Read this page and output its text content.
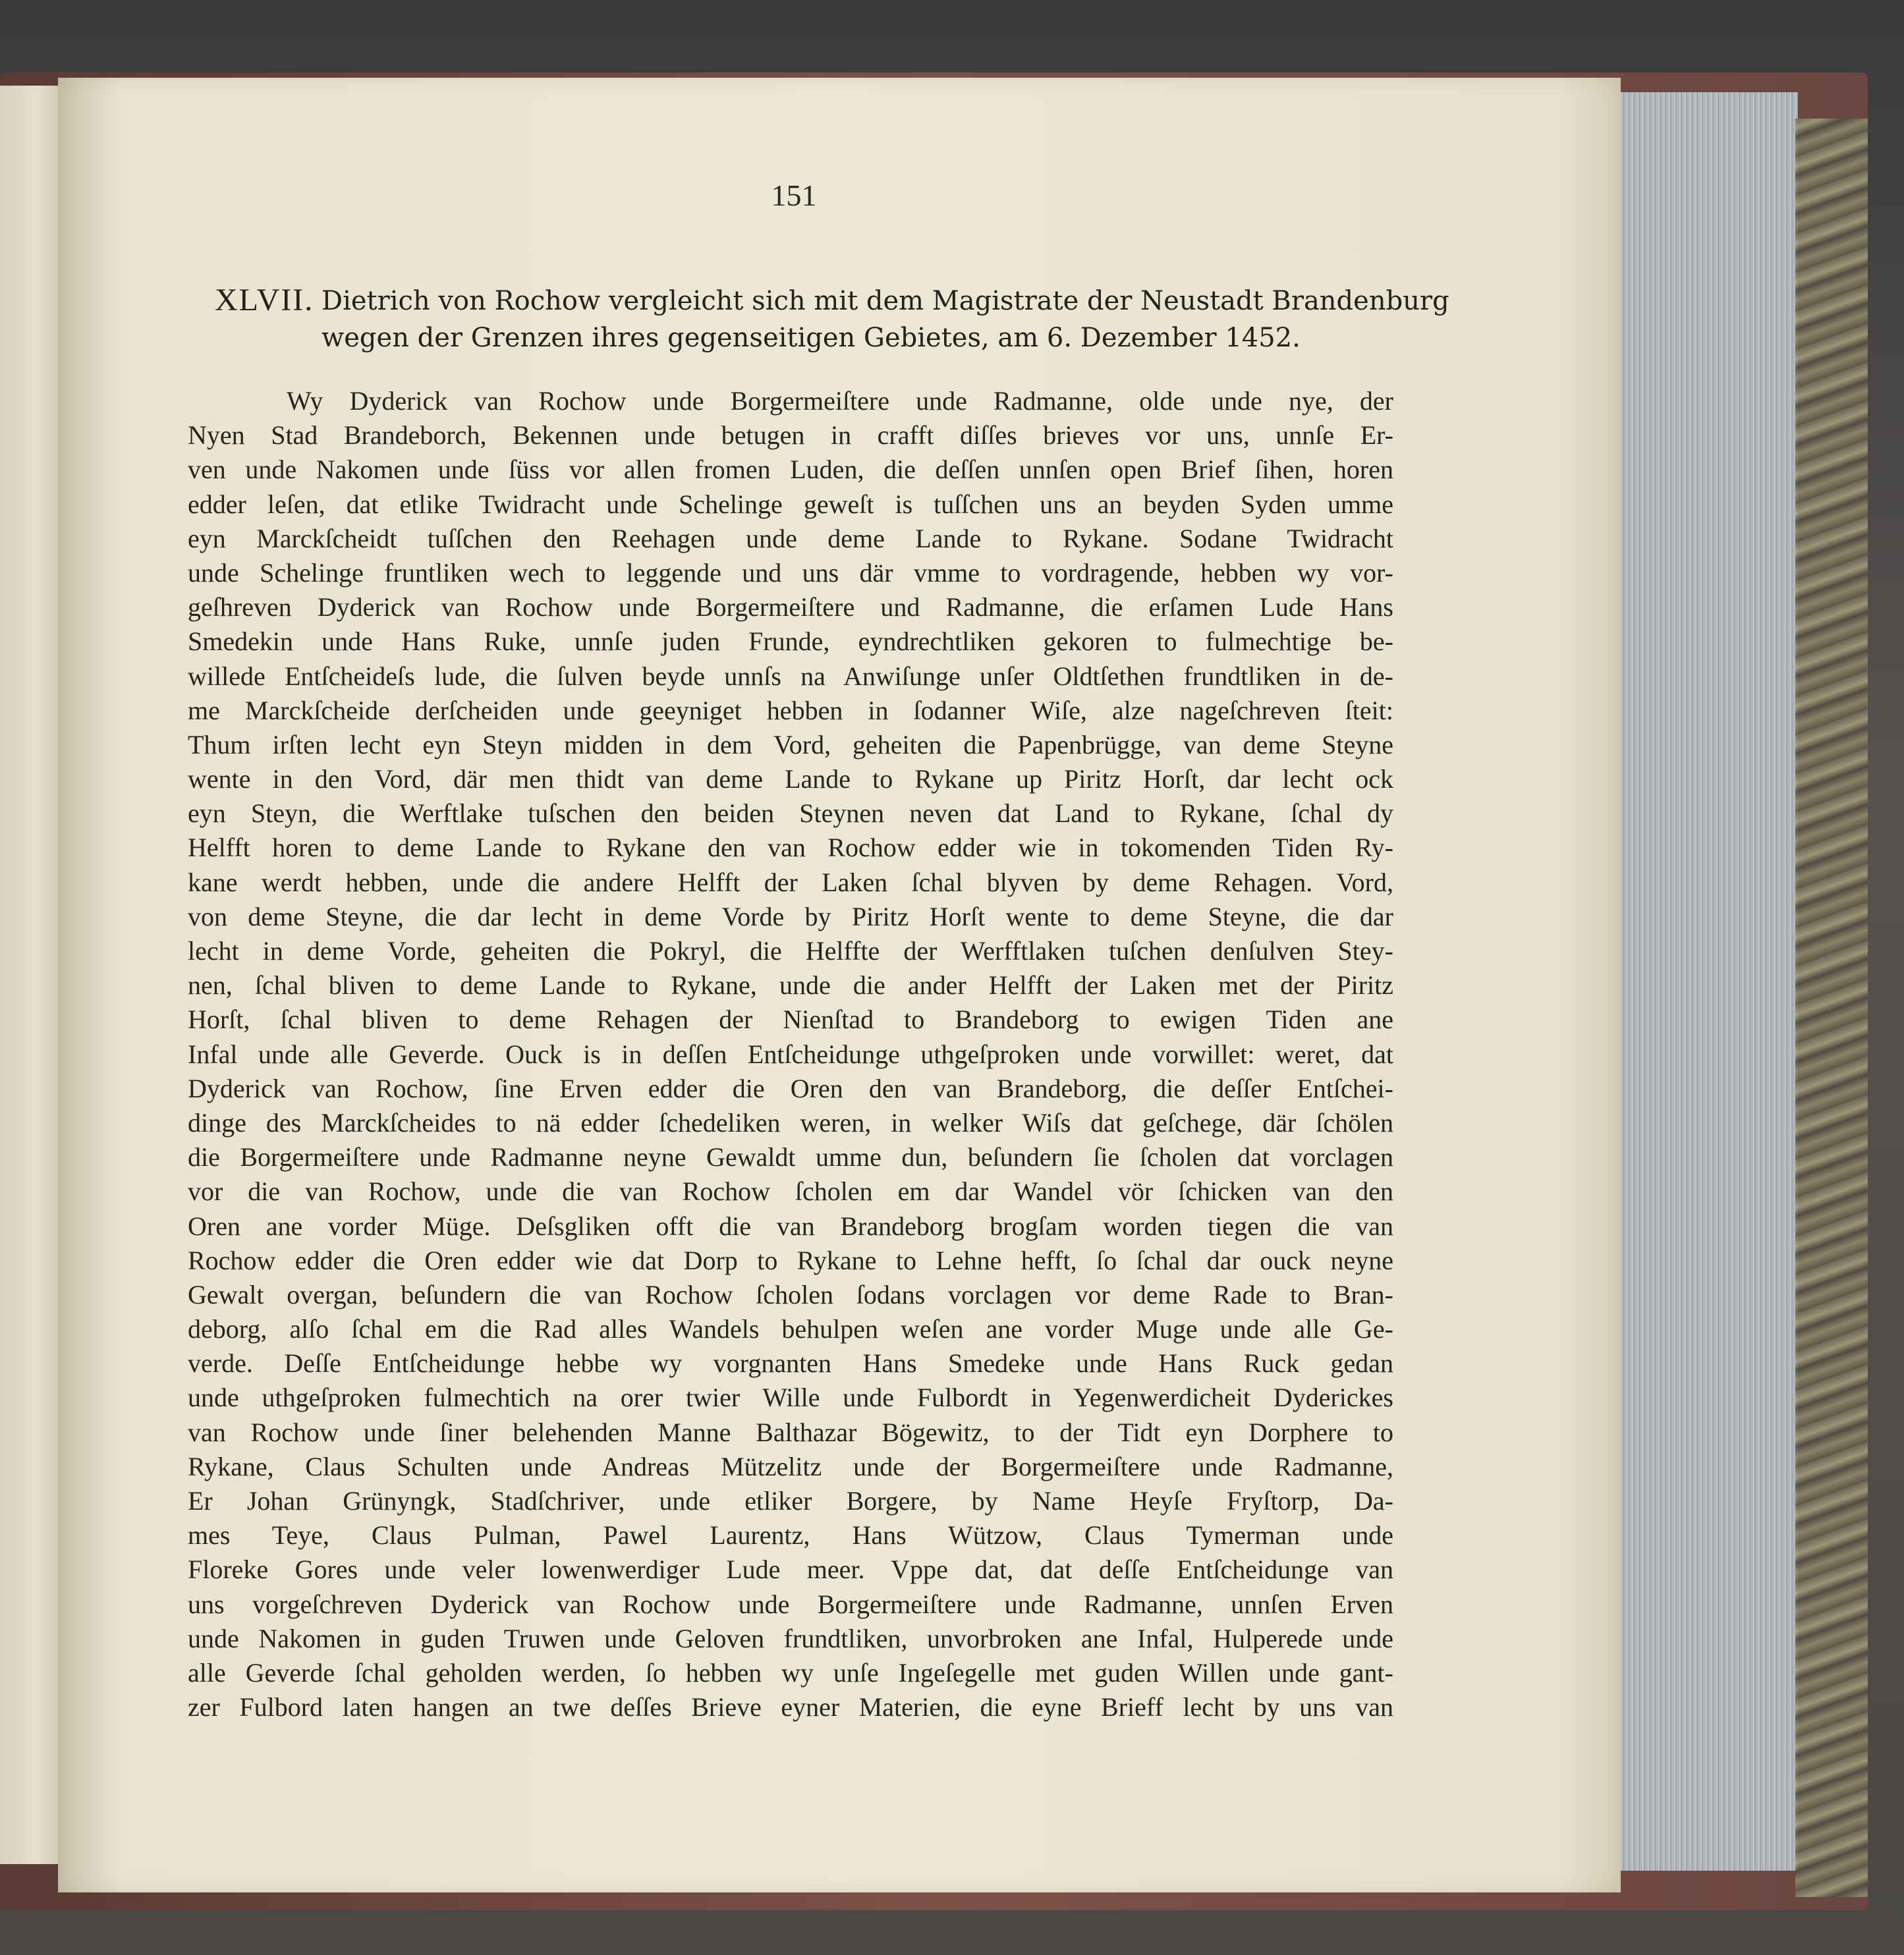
151
XLVII. Dietrich von Rochow vergleicht sich mit dem Magistrate der Neustadt Brandenburg
wegen der Grenzen ihres gegenseitigen Gebietes, am 6. Dezember 1452.
Wy Dyderick van Rochow unde Borgermeiſtere unde Radmanne, olde unde nye, der
Nyen Stad Brandeborch, Bekennen unde betugen in crafft diſſes brieves vor uns, unnſe Er-
ven unde Nakomen unde ſüss vor allen fromen Luden, die deſſen unnſen open Brief ſihen, horen
edder leſen, dat etlike Twidracht unde Schelinge geweſt is tuſſchen uns an beyden Syden umme
eyn Marckſcheidt tuſſchen den Reehagen unde deme Lande to Rykane. Sodane Twidracht
unde Schelinge fruntliken wech to leggende und uns där vmme to vordragende, hebben wy vor-
geſhreven Dyderick van Rochow unde Borgermeiſtere und Radmanne, die erſamen Lude Hans
Smedekin unde Hans Ruke, unnſe juden Frunde, eyndrechtliken gekoren to fulmechtige be-
willede Entſcheideſs lude, die ſulven beyde unnſs na Anwiſunge unſer Oldtſethen frundtliken in de-
me Marckſcheide derſcheiden unde geeyniget hebben in ſodanner Wiſe, alze nageſchreven ſteit:
Thum irſten lecht eyn Steyn midden in dem Vord, geheiten die Papenbrügge, van deme Steyne
wente in den Vord, där men thidt van deme Lande to Rykane up Piritz Horſt, dar lecht ock
eyn Steyn, die Werftlake tuſschen den beiden Steynen neven dat Land to Rykane, ſchal dy
Helfft horen to deme Lande to Rykane den van Rochow edder wie in tokomenden Tiden Ry-
kane werdt hebben, unde die andere Helfft der Laken ſchal blyven by deme Rehagen. Vord,
von deme Steyne, die dar lecht in deme Vorde by Piritz Horſt wente to deme Steyne, die dar
lecht in deme Vorde, geheiten die Pokryl, die Helffte der Werfftlaken tuſchen denſulven Stey-
nen, ſchal bliven to deme Lande to Rykane, unde die ander Helfft der Laken met der Piritz
Horſt, ſchal bliven to deme Rehagen der Nienſtad to Brandeborg to ewigen Tiden ane
Infal unde alle Geverde. Ouck is in deſſen Entſcheidunge uthgeſproken unde vorwillet: weret, dat
Dyderick van Rochow, ſine Erven edder die Oren den van Brandeborg, die deſſer Entſchei-
dinge des Marckſcheides to nä edder ſchedeliken weren, in welker Wiſs dat geſchege, där ſchölen
die Borgermeiſtere unde Radmanne neyne Gewaldt umme dun, beſundern ſie ſcholen dat vorclagen
vor die van Rochow, unde die van Rochow ſcholen em dar Wandel vör ſchicken van den
Oren ane vorder Müge. Deſsgliken offt die van Brandeborg brogſam worden tiegen die van
Rochow edder die Oren edder wie dat Dorp to Rykane to Lehne hefft, ſo ſchal dar ouck neyne
Gewalt overgan, beſundern die van Rochow ſcholen ſodans vorclagen vor deme Rade to Bran-
deborg, alſo ſchal em die Rad alles Wandels behulpen weſen ane vorder Muge unde alle Ge-
verde. Deſſe Entſcheidunge hebbe wy vorgnanten Hans Smedeke unde Hans Ruck gedan
unde uthgeſproken fulmechtich na orer twier Wille unde Fulbordt in Yegenwerdicheit Dyderickes
van Rochow unde ſiner belehenden Manne Balthazar Bögewitz, to der Tidt eyn Dorphere to
Rykane, Claus Schulten unde Andreas Mützelitz unde der Borgermeiſtere unde Radmanne,
Er Johan Grünyngk, Stadſchriver, unde etliker Borgere, by Name Heyſe Fryſtorp, Da-
mes Teye, Claus Pulman, Pawel Laurentz, Hans Wützow, Claus Tymerman unde
Floreke Gores unde veler lowenwerdiger Lude meer. Vppe dat, dat deſſe Entſcheidunge van
uns vorgeſchreven Dyderick van Rochow unde Borgermeiſtere unde Radmanne, unnſen Erven
unde Nakomen in guden Truwen unde Geloven frundtliken, unvorbroken ane Infal, Hulperede unde
alle Geverde ſchal geholden werden, ſo hebben wy unſe Ingeſegelle met guden Willen unde gant-
zer Fulbord laten hangen an twe deſſes Brieve eyner Materien, die eyne Brieff lecht by uns van
